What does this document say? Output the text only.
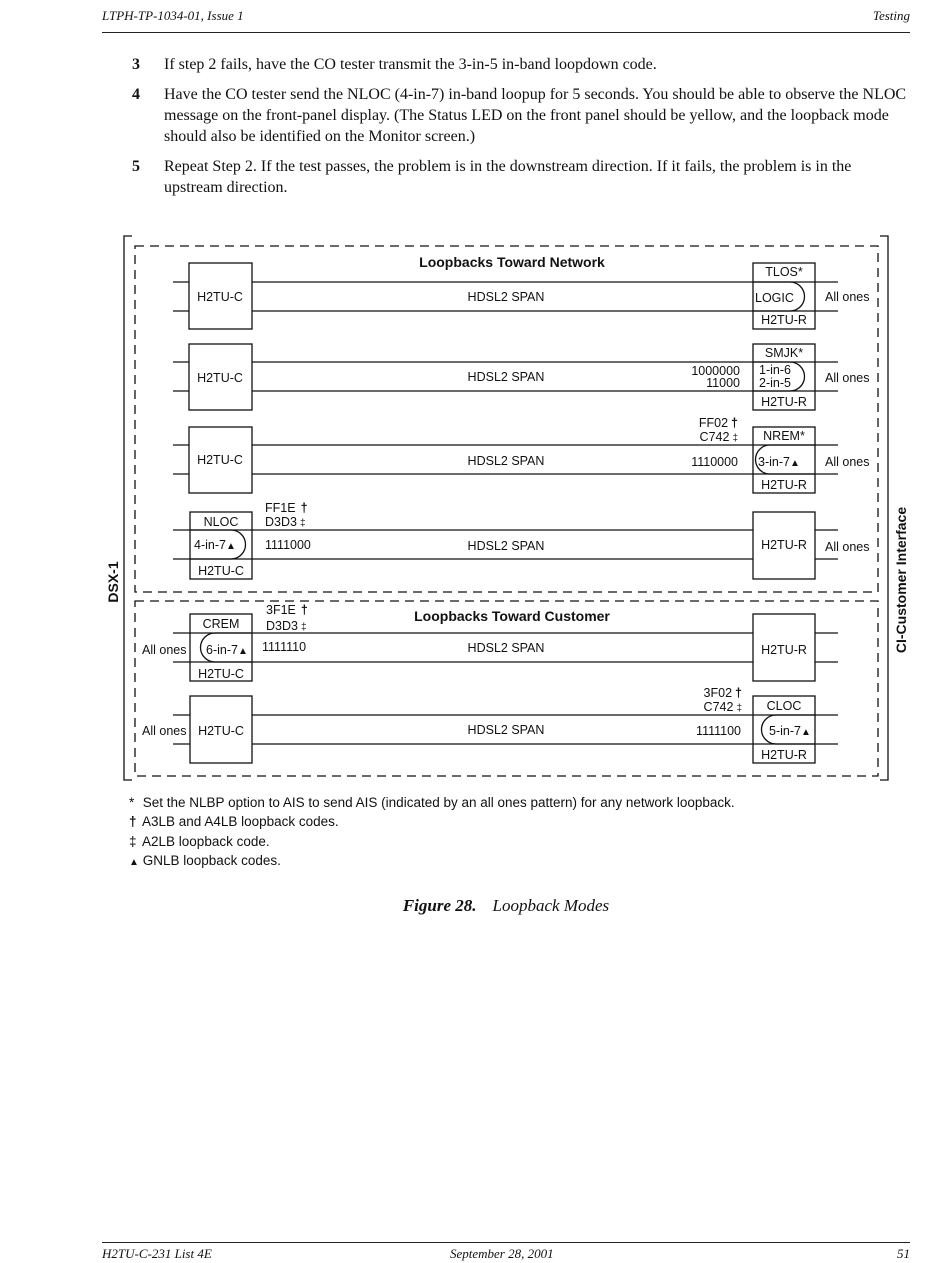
LTPH-TP-1034-01, Issue 1	Testing
3	If step 2 fails, have the CO tester transmit the 3-in-5 in-band loopdown code.
4	Have the CO tester send the NLOC (4-in-7) in-band loopup for 5 seconds. You should be able to observe the NLOC message on the front-panel display. (The Status LED on the front panel should be yellow, and the loopback mode should also be identified on the Monitor screen.)
5	Repeat Step 2. If the test passes, the problem is in the downstream direction. If it fails, the problem is in the upstream direction.
DSX-1	CI-Customer Interface
Loopbacks Toward Network
Loopbacks Toward Customer
H2TU-C	HDSL2 SPAN
TLOS*
LOGIC
H2TU-R
All ones
H2TU-C	HDSL2 SPAN	1000000
11000
SMJK*
1-in-6
2-in-5
H2TU-R
All ones
FF02 †
C742 ‡
H2TU-C	HDSL2 SPAN	1110000
NREM*
3-in-7▲
H2TU-R
All ones
FF1E †
D3D3 ‡
NLOC
4-in-7▲
H2TU-C
1111000	HDSL2 SPAN	H2TU-R All ones
3F1E †
D3D3 ‡
CREM
6-in-7▲
H2TU-C
1111110
All ones	HDSL2 SPAN	H2TU-R
3F02 †
C742 ‡
All ones H2TU-C	HDSL2 SPAN	1111100
CLOC
5-in-7▲
H2TU-R
* Set the NLBP option to AIS to send AIS (indicated by an all ones pattern) for any network loopback.
† A3LB and A4LB loopback codes.
‡ A2LB loopback code.
▲ GNLB loopback codes.
Figure 28. Loopback Modes
H2TU-C-231 List 4E	September 28, 2001	51
